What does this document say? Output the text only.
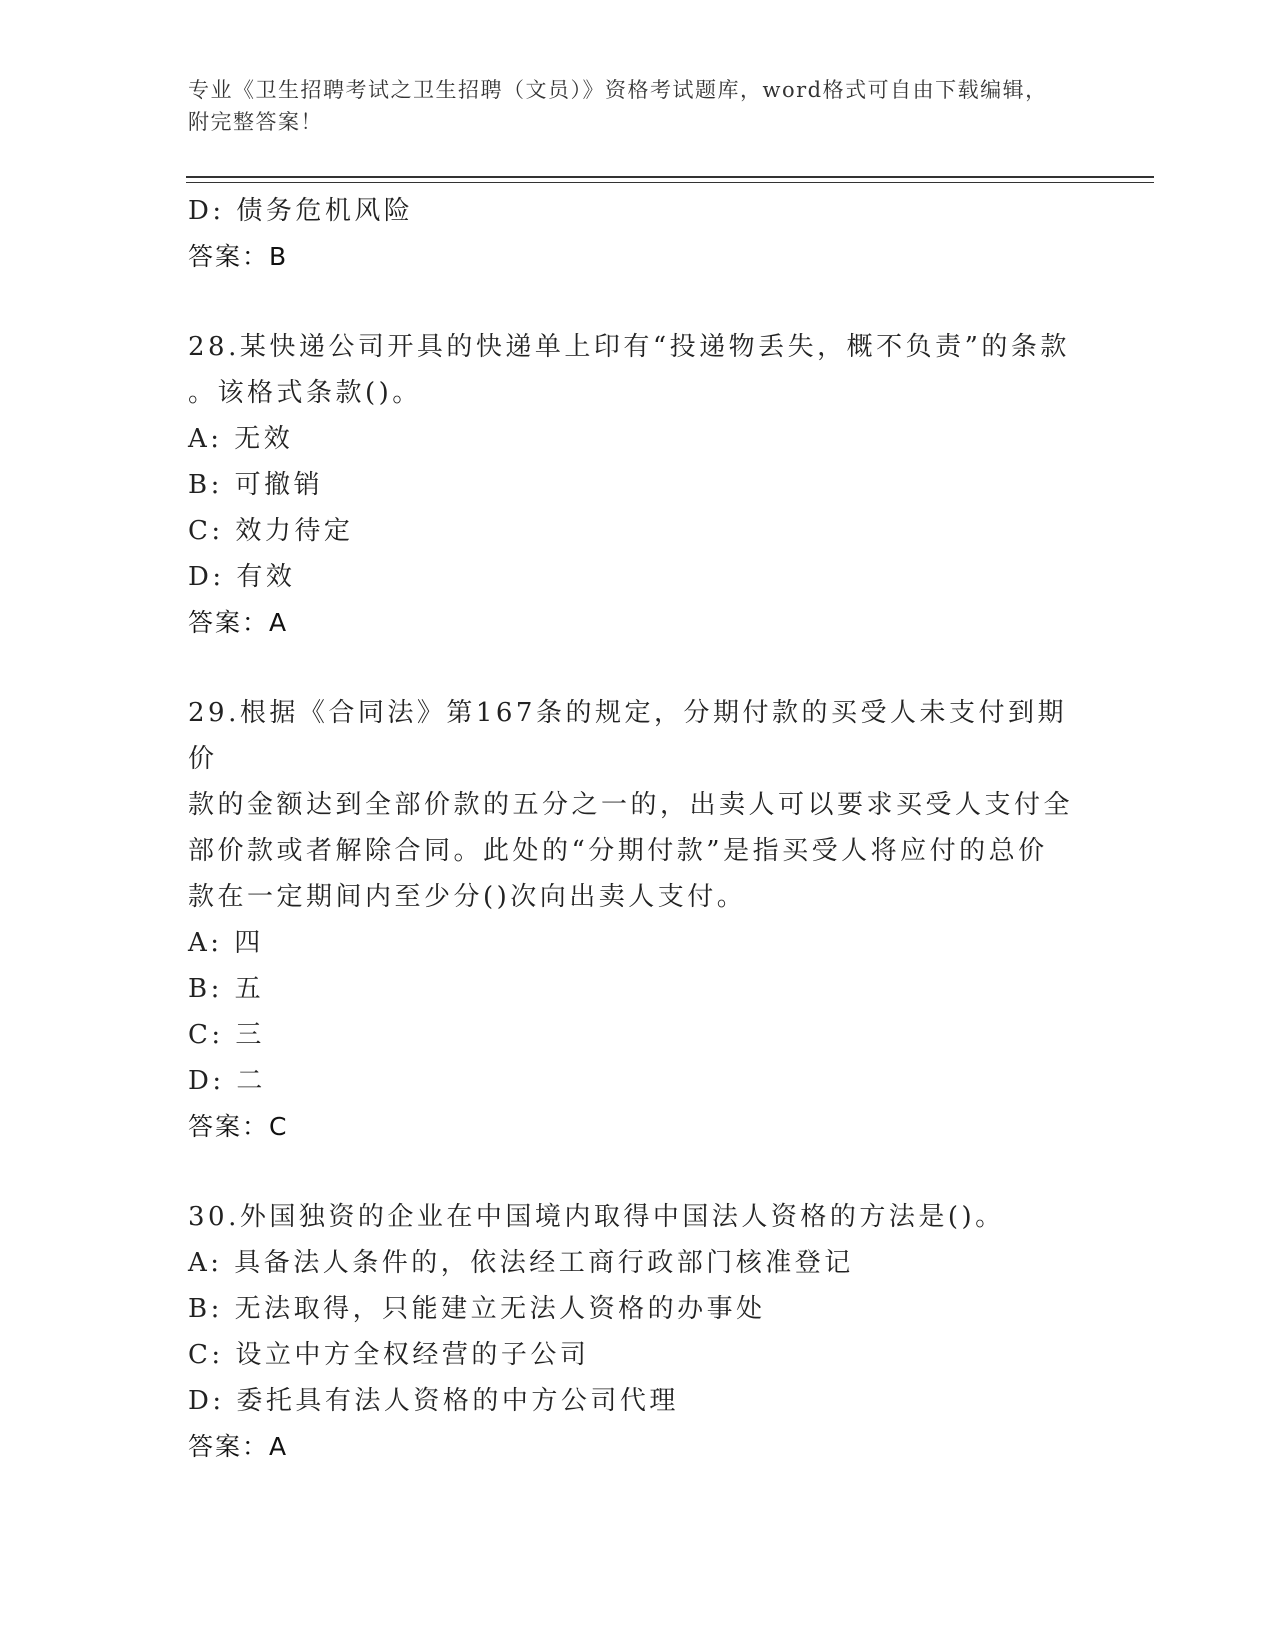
专业《卫生招聘考试之卫生招聘（文员）》资格考试题库，word格式可自由下载编辑，附完整答案！
D: 债务危机风险
答案：B
28.某快递公司开具的快递单上印有“投递物丢失，概不负责”的条款
。该格式条款()。
A: 无效
B: 可撤销
C: 效力待定
D: 有效
答案：A
29.根据《合同法》第167条的规定，分期付款的买受人未支付到期价
款的金额达到全部价款的五分之一的，出卖人可以要求买受人支付全
部价款或者解除合同。此处的“分期付款”是指买受人将应付的总价
款在一定期间内至少分()次向出卖人支付。
A: 四
B: 五
C: 三
D: 二
答案：C
30.外国独资的企业在中国境内取得中国法人资格的方法是()。
A: 具备法人条件的，依法经工商行政部门核准登记
B: 无法取得，只能建立无法人资格的办事处
C: 设立中方全权经营的子公司
D: 委托具有法人资格的中方公司代理
答案：A
